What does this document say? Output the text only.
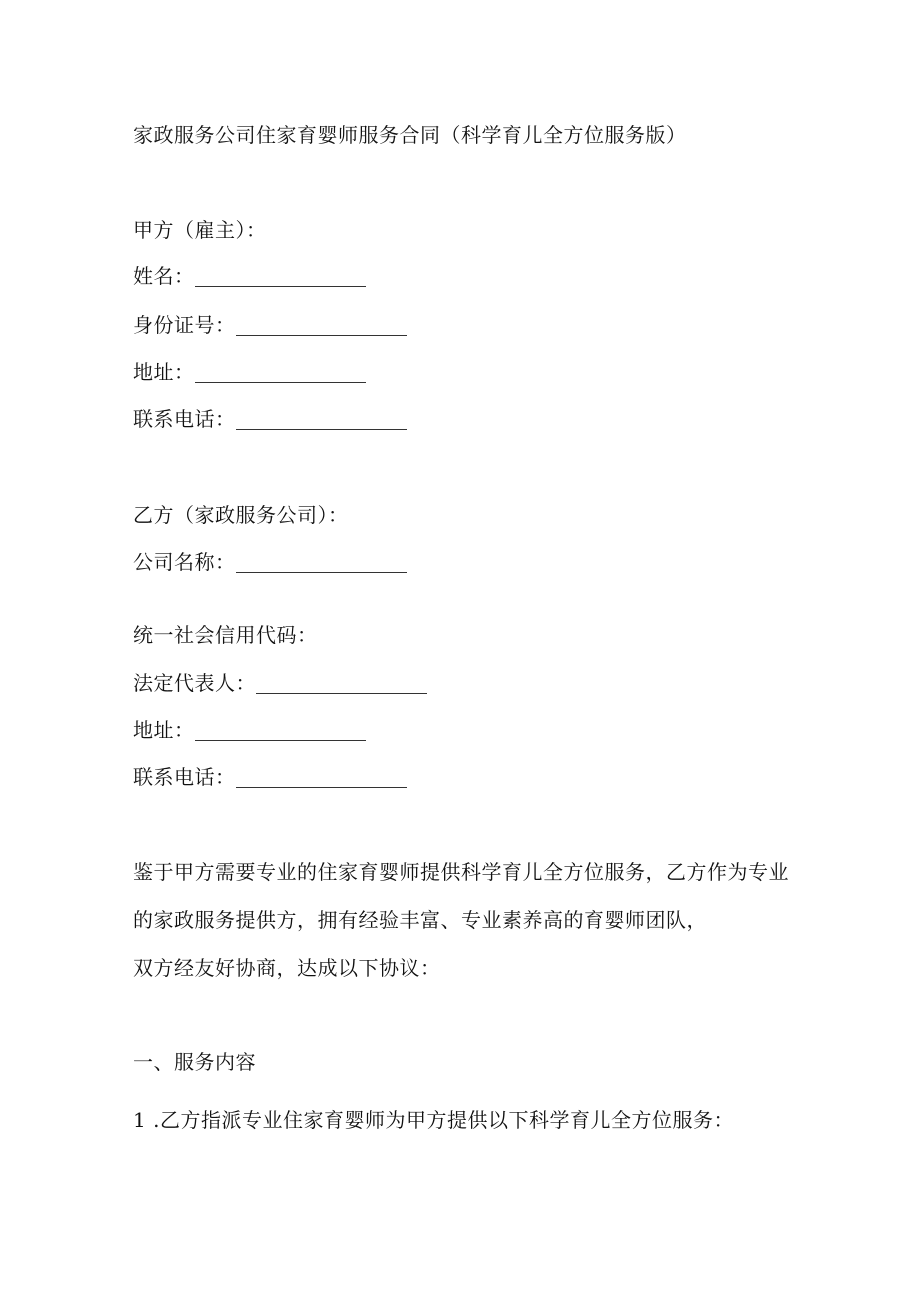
家政服务公司住家育婴师服务合同（科学育儿全方位服务版）
甲方（雇主）：
姓名：
身份证号：
地址：
联系电话：
乙方（家政服务公司）：
公司名称：
统一社会信用代码：
法定代表人：
地址：
联系电话：
鉴于甲方需要专业的住家育婴师提供科学育儿全方位服务，乙方作为专业
的家政服务提供方，拥有经验丰富、专业素养高的育婴师团队，
双方经友好协商，达成以下协议：
一、服务内容
1 .乙方指派专业住家育婴师为甲方提供以下科学育儿全方位服务：
